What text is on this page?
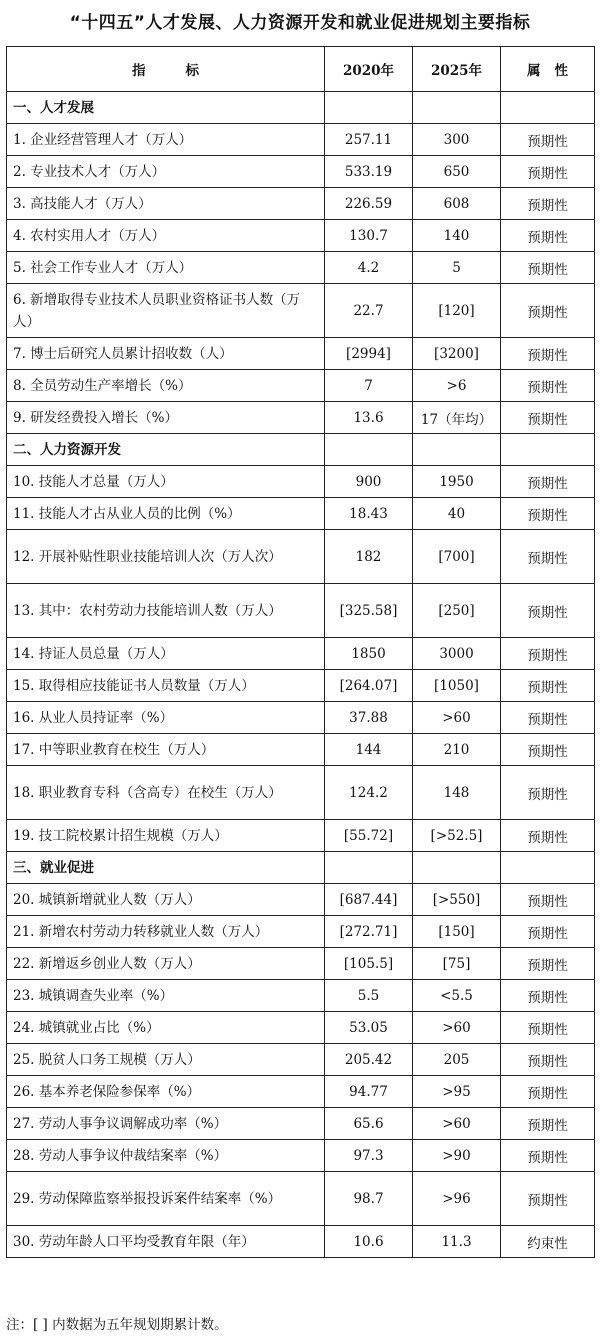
“十四五”人才发展、人力资源开发和就业促进规划主要指标
指标	2020年	2025年	属性
一、人才发展			
1. 企业经营管理人才（万人）	257.11	300	预期性
2. 专业技术人才（万人）	533.19	650	预期性
3. 高技能人才（万人）	226.59	608	预期性
4. 农村实用人才（万人）	130.7	140	预期性
5. 社会工作专业人才（万人）	4.2	5	预期性
6. 新增取得专业技术人员职业资格证书人数（万人）	22.7	[120]	预期性
7. 博士后研究人员累计招收数（人）	[2994]	[3200]	预期性
8. 全员劳动生产率增长（%）	7	>6	预期性
9. 研发经费投入增长（%）	13.6	17（年均）	预期性
二、人力资源开发			
10. 技能人才总量（万人）	900	1950	预期性
11. 技能人才占从业人员的比例（%）	18.43	40	预期性
12. 开展补贴性职业技能培训人次（万人次）	182	[700]	预期性
13. 其中：农村劳动力技能培训人数（万人）	[325.58]	[250]	预期性
14. 持证人员总量（万人）	1850	3000	预期性
15. 取得相应技能证书人员数量（万人）	[264.07]	[1050]	预期性
16. 从业人员持证率（%）	37.88	>60	预期性
17. 中等职业教育在校生（万人）	144	210	预期性
18. 职业教育专科（含高专）在校生（万人）	124.2	148	预期性
19. 技工院校累计招生规模（万人）	[55.72]	[>52.5]	预期性
三、就业促进			
20. 城镇新增就业人数（万人）	[687.44]	[>550]	预期性
21. 新增农村劳动力转移就业人数（万人）	[272.71]	[150]	预期性
22. 新增返乡创业人数（万人）	[105.5]	[75]	预期性
23. 城镇调查失业率（%）	5.5	<5.5	预期性
24. 城镇就业占比（%）	53.05	>60	预期性
25. 脱贫人口务工规模（万人）	205.42	205	预期性
26. 基本养老保险参保率（%）	94.77	>95	预期性
27. 劳动人事争议调解成功率（%）	65.6	>60	预期性
28. 劳动人事争议仲裁结案率（%）	97.3	>90	预期性
29. 劳动保障监察举报投诉案件结案率（%）	98.7	>96	预期性
30. 劳动年龄人口平均受教育年限（年）	10.6	11.3	约束性
注：[ ] 内数据为五年规划期累计数。
